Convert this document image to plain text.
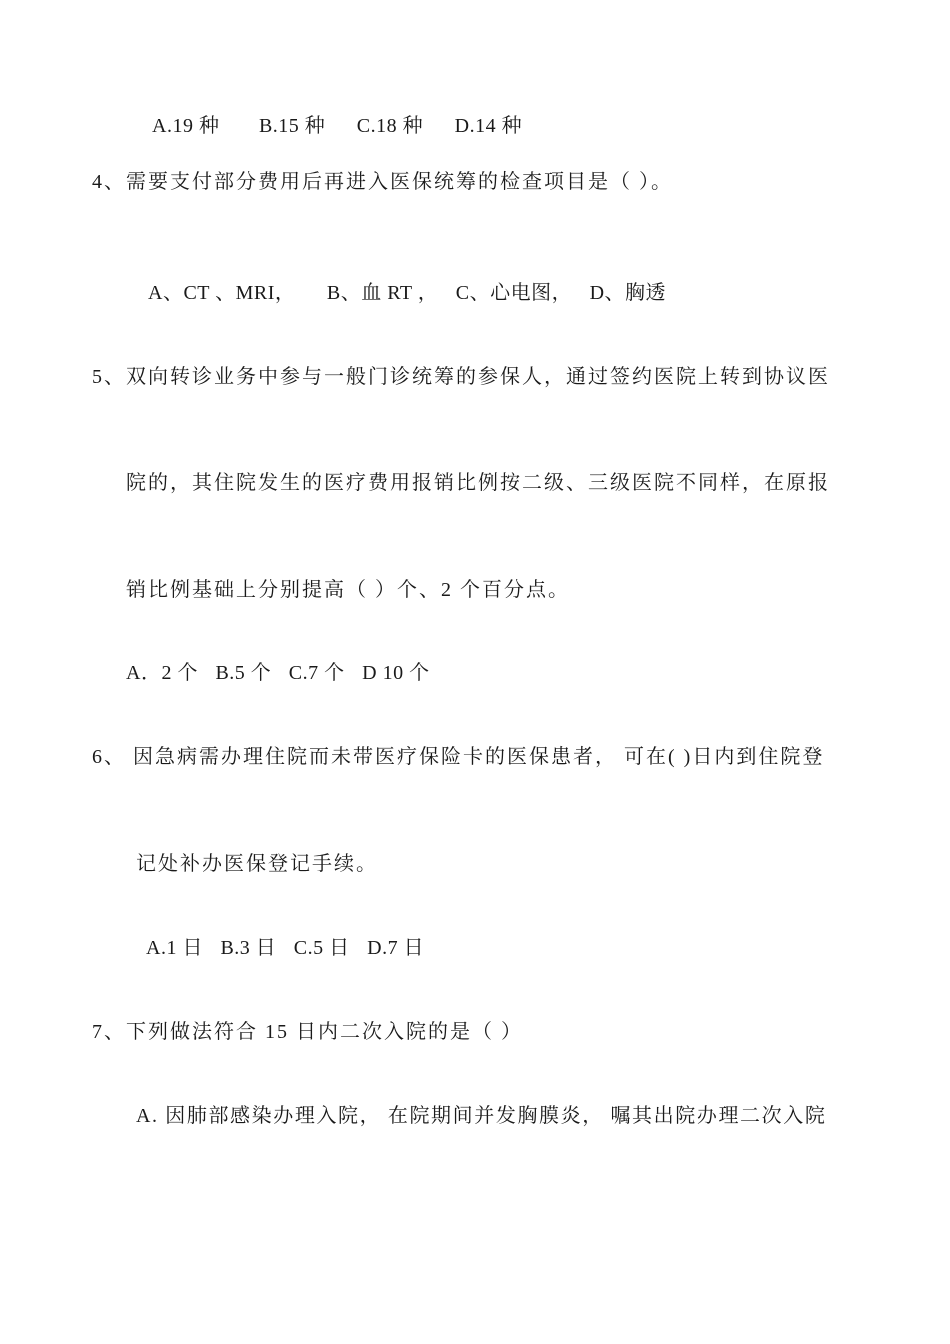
A.19 种 B.15 种 C.18 种 D.14 种
4、需要支付部分费用后再进入医保统筹的检查项目是（ ）。
A、CT 、MRI， B、血 RT ， C、心电图， D、胸透
5、双向转诊业务中参与一般门诊统筹的参保人，通过签约医院上转到协议医
院的，其住院发生的医疗费用报销比例按二级、三级医院不同样，在原报
销比例基础上分别提高（ ）个、2 个百分点。
A．2 个 B.5 个 C.7 个 D 10 个
6、 因急病需办理住院而未带医疗保险卡的医保患者， 可在( )日内到住院登
记处补办医保登记手续。
A.1 日 B.3 日 C.5 日 D.7 日
7、下列做法符合 15 日内二次入院的是（ ）
A. 因肺部感染办理入院， 在院期间并发胸膜炎， 嘱其出院办理二次入院
